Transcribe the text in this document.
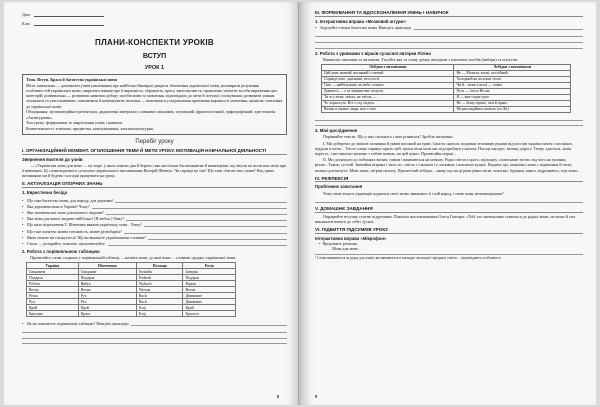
Дата
Клас
ПЛАНИ-КОНСПЕКТИ УРОКІВ
ВСТУП
УРОК 1

Тема. Вступ. Краса й багатство української мови

Мета: навчальна — доповнити учнів уявленнями про найбільш ймовірні джерела збагачення української мови, розширити розуміння особливостей української мови; закріпити знання про її виразність, образність, красу, милозвучність; практично засвоїти засоби вираження цих категорій; розвивальна — розвивати навички добору засобів мови та мовлення, відповідних до мети й ситуації спілкування; розвивати уміння зіставляти та узагальнювати, пояснювати й коментувати; виховна — виховувати усвідомлення прагнення виразності мовлення, ціннісне ставлення до української мови.

Обладнання: мультимедійна презентація, дидактичні матеріали: словники синонімів, тлумачний, фразеологічний, орфографічний; хрестоматія «Антисуржик».

Тип уроку: формування та закріплення умінь і навичок.

Компетентності: ключова, предметна, комунікативна, загальнокультурна.

Перебіг уроку
І. ОРГАНІЗАЦІЙНИЙ МОМЕНТ. ОГОЛОШЕННЯ ТЕМИ Й МЕТИ УРОКУ. МОТИВАЦІЯ НАВЧАЛЬНОЇ ДІЯЛЬНОСТІ
Звернення вчителя до учнів
— «Українська мова для мене — це море, у якого ніколи дна й береги і яке настільки багатоманітне й невичерпне, що вчуєш не встигаєш межі при її вивченні» Ці слова видатного сучасного українського письменника Валерій Шевчук. Чи справді це так? Що таке «багатство» мови? Над цими питаннями ми й будемо сьогодні працювати на уроці.
ІІ. АКТУАЛІЗАЦІЯ ОПОРНИХ ЗНАНЬ
1. Евристична бесіда
• Що таке багатство мови, для народу, для держави?
• Яка державна мова в Україні? Чому?
• Яке значення має мова для кожного людини?
• Яка мова для вашої людини найбільш? (Я любла ) Чому?
• Що мало відношення Т. Шевченко вважав українську мову... Чому?
• Що таке поняття: мовна тотожність, мовне різнобарв'я?
• Якою мовою ви спілкуєтеся? Що ви вважаєте українськими словами?
• Стиль ..., розкрийте, поясніть, прокоментуйте.
2. Робота з порівняльною таблицею
Прочитайте слова, поданих у порівняльній таблиці, ... назвіть мови, до якої вони ... словами «рідна» української мови.
Україна	Німеччина	Польща	Росія
Свиданем	Свидание	Swiadek	Завтрак
Подарок	Подарок	Podarek	Подарок
Робота	Вибух	Wybuch	Взрыв
Весна	Весна	Wiosna	Весна
Річка	Рух	Ruch	Движение
Руч	Рух	Ruch	Движение
Край	Край	Kraj	Край
Красина	Краса	Kraj	Красота
• Як ви пояснюєте порівняльну таблицю? Наведіть приклади.
8
ІІІ. ФОРМУВАННЯ ТА ВДОСКОНАЛЕННЯ УМІНЬ І НАВИЧОК
1. Інтерактивна вправа «Мозковий штурм»
• Згрупуйте ознаки багатства мови. Наведіть приклади.
2. Робота з уривками з віршів сучасної авторки Ліліни
Випишіть синоніми та антоніми. З'ясуйте яку та слову думку, виходячи з ключової засобів (вибери) та почуттів.
Лебідки з антонімами	Лебідки з антонімами
Цей день жовтий, вогняний і гаючий	Не — Могила, вогні, постійний,
Справді тихо, здатними, веселості,	Холодний як полохне тепле.
Гнів — найбільшим, як небо схожим	Чи й... вічно (сила) — співи.
Дивлюсь — а за ліщини вже почуєш.	Руси — тепла Весна
Ти ж у мене, світла, не світла, —	Я — вже серце нуле.
Че чорносуть. Все і сад слідом.	Не — йому гірких, зачі й права
Важко в оковах люди, ніж з свіч	Вітрам надійних вкоють (оч Ли)
3. Міні-дослідження
Порівняйте тексти. Що у них спільного і чим різняться? Зробіть висновки.
І. Ми доберемо до ліпших галявини й уявив погожий на траві. Свисто снопом, подавши зеленицю рукави від шостав задніми зачем і поспішає, віддали в кліть... Тепло сонце спрямує крило цей, трохи пісні коли нас підстрибнув усміхом: Погода нагадує, велику дорогу. Тепер, здається, хімія ворогує, і ми чекаємо можемо з тобою мовою, на цей пункт. Прочитаймо вірші...
ІІ. Ми досягнули до побіжних вогнів, пивом і вживаються на новому. Рідко світла з цього, підходжу, сплюсками тогою, від чого на зупинку, ріллю...Також, густий. Звичайна вітряна і тиха ліс, світло і з вогнем і у ласкавих і поповзах кущах. Видимо що, можливо, мова с підвіконня й легкі, пильно розтягнуте, Мені запис, вітром пахощі. Прилетілий лебідка... знову, що на ці роки рівно пісні, поки які, будинок, книга, відрізняють, тоді мова...
IV. РЕФЛЕКСІЯ
Проблемне запитання
Чому мені чомусь українців журяться своєї мови, вважають її і мій народ, і свою мову неповноцінною?
V. ДОМАШНЄ ЗАВДАННЯ
Опрацюйте вступну статтю підручника. Поясніть висловлювання Олеся Гончара: «Той, хто зневажливо ставиться до рідної мови, не може й сам викликати поваги до себе» (усно).
VI. ПІДБИТТЯ ПІДСУМКІВ УРОКУ
Інтерактивна вправа «Мікрофон»
• Продовжте речення.
… Мова для мене…
¹ Слова вважаються за рідну для учнів, які навчаються в закладах загальної середньої освіти ... відповідають особливості.
9
